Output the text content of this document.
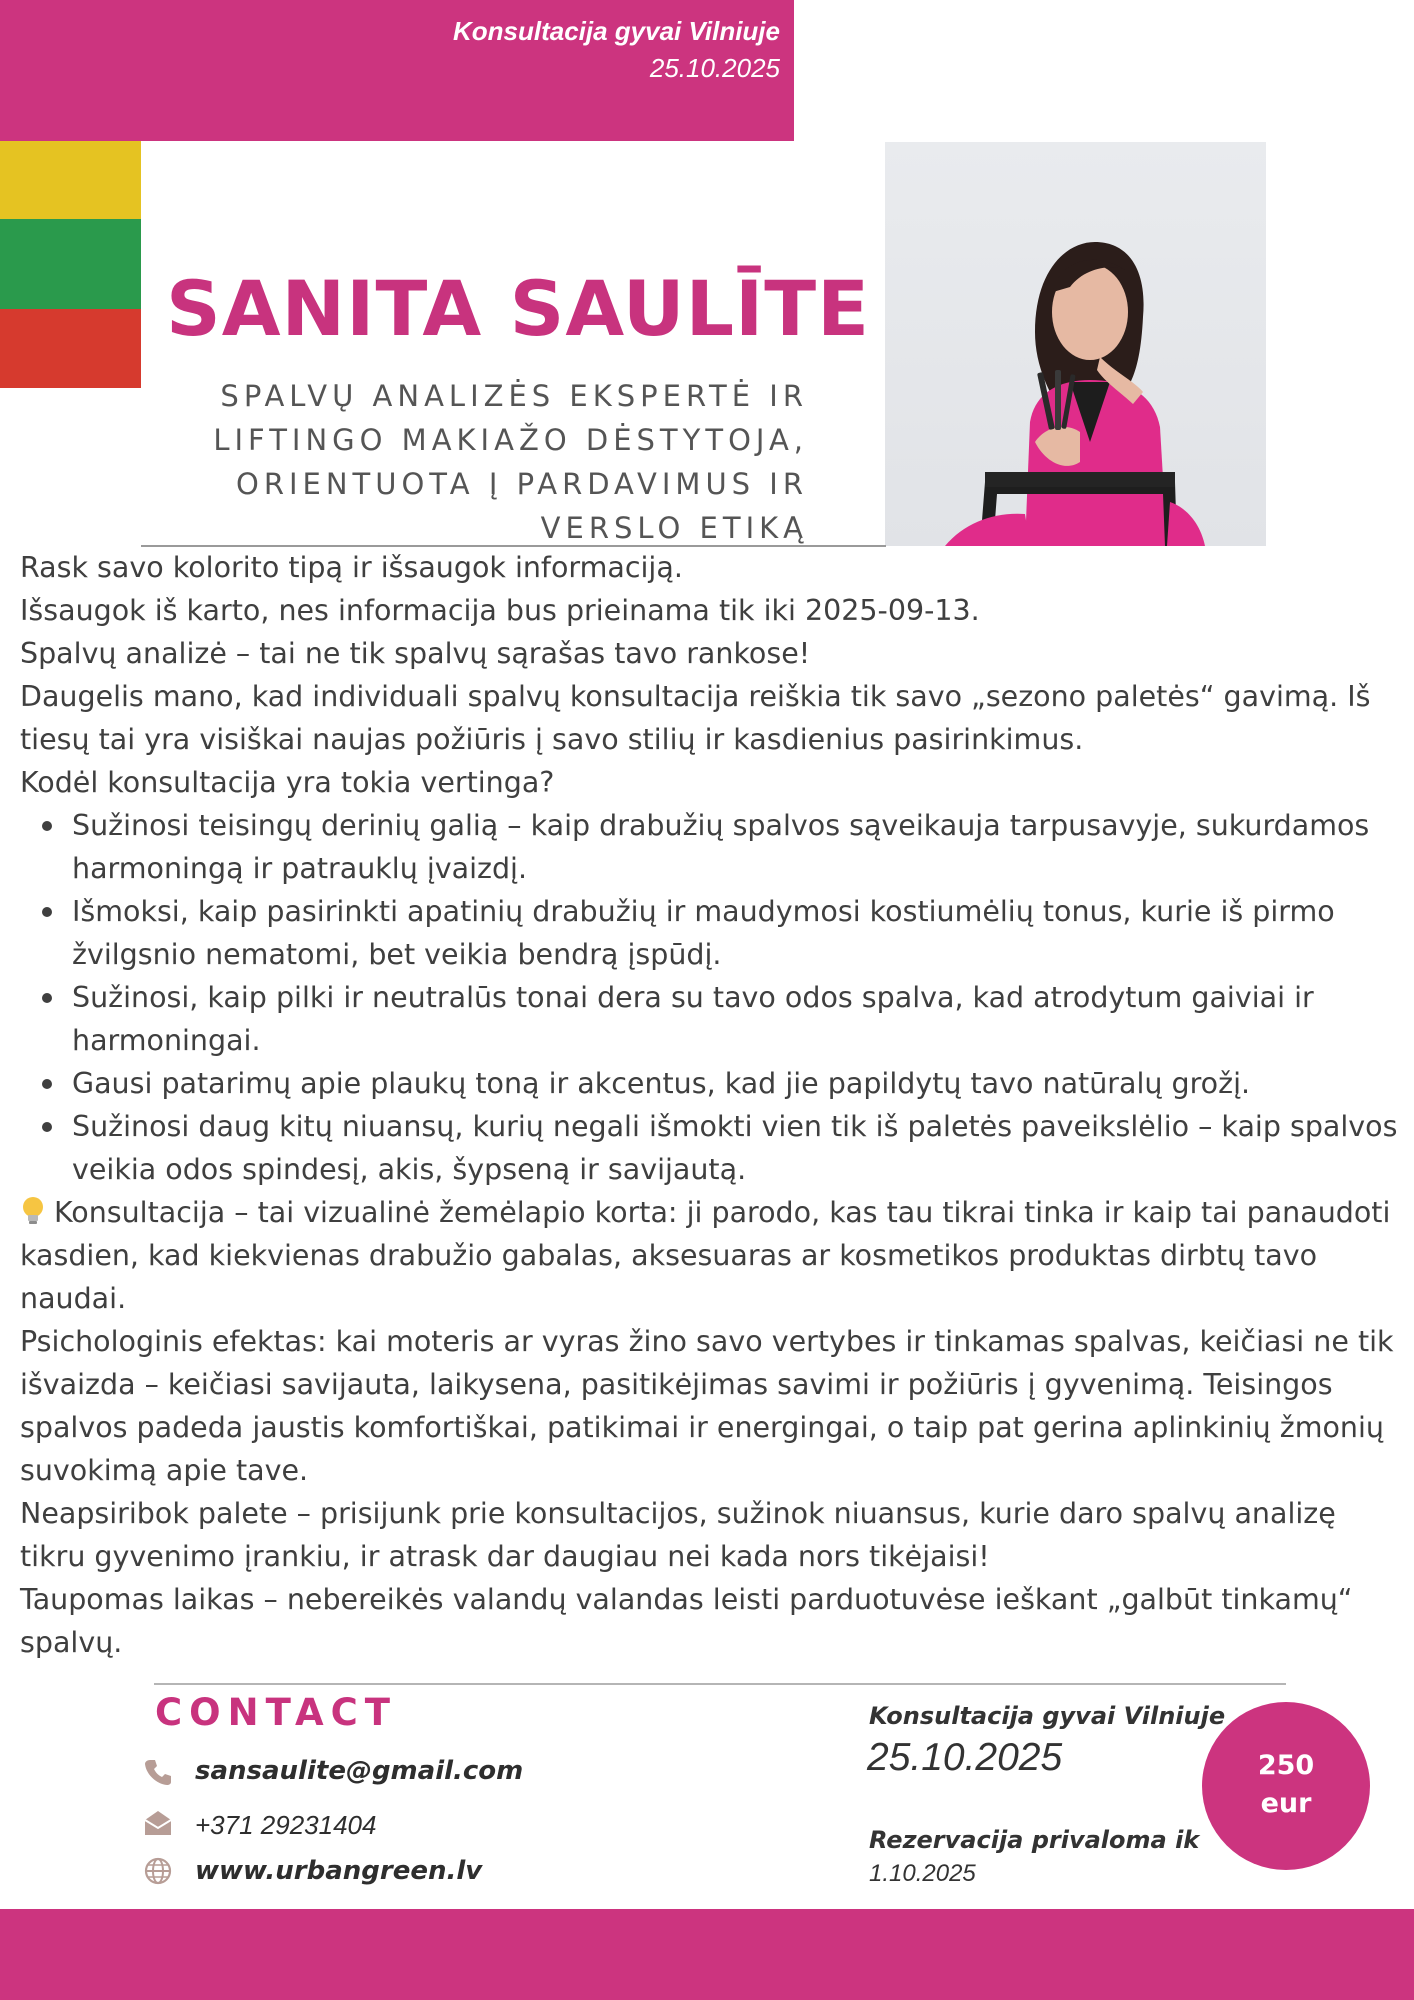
Konsultacija gyvai Vilniuje
25.10.2025
SANITA SAULĪTE
SPALVŲ ANALIZĖS EKSPERTĖ IR
LIFTINGO MAKIAŽO DĖSTYTOJA,
ORIENTUOTA Į PARDAVIMUS IR
VERSLO ETIKĄ

Rask savo kolorito tipą ir išsaugok informaciją.

Išsaugok iš karto, nes informacija bus prieinama tik iki 2025-09-13.

Spalvų analizė – tai ne tik spalvų sąrašas tavo rankose!

Daugelis mano, kad individuali spalvų konsultacija reiškia tik savo „sezono paletės“ gavimą. Iš tiesų tai yra visiškai naujas požiūris į savo stilių ir kasdienius pasirinkimus.

Kodėl konsultacija yra tokia vertinga?

Sužinosi teisingų derinių galią – kaip drabužių spalvos sąveikauja tarpusavyje, sukurdamos harmoningą ir patrauklų įvaizdį.
Išmoksi, kaip pasirinkti apatinių drabužių ir maudymosi kostiumėlių tonus, kurie iš pirmo žvilgsnio nematomi, bet veikia bendrą įspūdį.
Sužinosi, kaip pilki ir neutralūs tonai dera su tavo odos spalva, kad atrodytum gaiviai ir harmoningai.
Gausi patarimų apie plaukų toną ir akcentus, kad jie papildytų tavo natūralų grožį.
Sužinosi daug kitų niuansų, kurių negali išmokti vien tik iš paletės paveikslėlio – kaip spalvos veikia odos spindesį, akis, šypseną ir savijautą.

Konsultacija – tai vizualinė žemėlapio korta: ji parodo, kas tau tikrai tinka ir kaip tai panaudoti kasdien, kad kiekvienas drabužio gabalas, aksesuaras ar kosmetikos produktas dirbtų tavo naudai.

Psichologinis efektas: kai moteris ar vyras žino savo vertybes ir tinkamas spalvas, keičiasi ne tik išvaizda – keičiasi savijauta, laikysena, pasitikėjimas savimi ir požiūris į gyvenimą. Teisingos spalvos padeda jaustis komfortiškai, patikimai ir energingai, o taip pat gerina aplinkinių žmonių suvokimą apie tave.

Neapsiribok palete – prisijunk prie konsultacijos, sužinok niuansus, kurie daro spalvų analizę tikru gyvenimo įrankiu, ir atrask dar daugiau nei kada nors tikėjaisi!

Taupomas laikas – nebereikės valandų valandas leisti parduotuvėse ieškant „galbūt tinkamų“ spalvų.

CONTACT
sansaulite@gmail.com
+371 29231404
www.urbangreen.lv
Konsultacija gyvai Vilniuje
25.10.2025
Rezervacija privaloma ik
1.10.2025
250
eur
